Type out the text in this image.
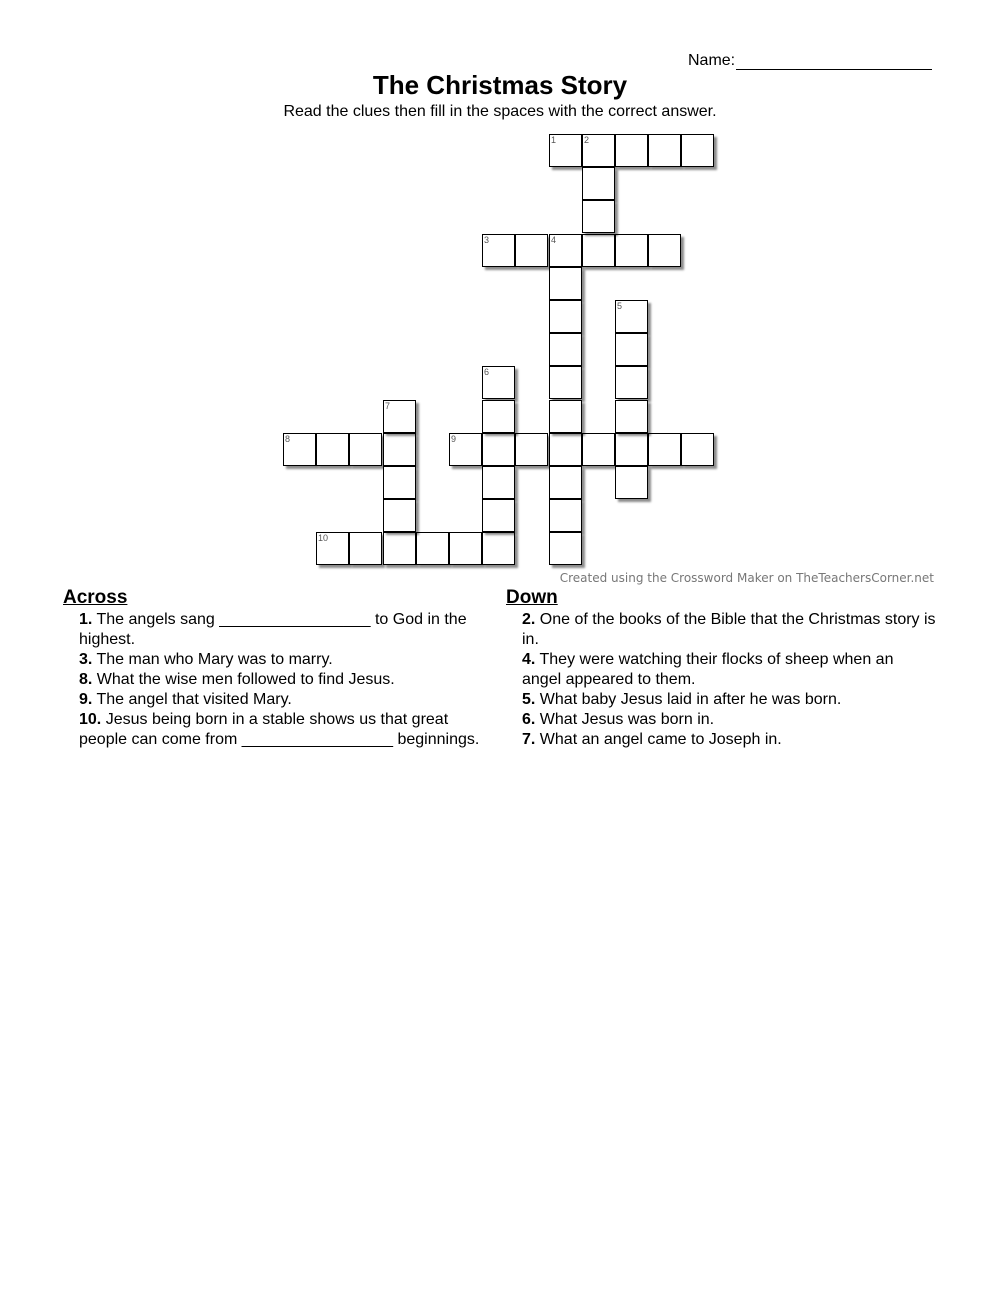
Name:
The Christmas Story
Read the clues then fill in the spaces with the correct answer.
1	2
3	4
8	9
10
5
6
7
Created using the Crossword Maker on TheTeachersCorner.net
Across
1. The angels sang _________________ to God in the highest.
3. The man who Mary was to marry.
8. What the wise men followed to find Jesus.
9. The angel that visited Mary.
10. Jesus being born in a stable shows us that great people can come from _________________ beginnings.
Down
2. One of the books of the Bible that the Christmas story is in.
4. They were watching their flocks of sheep when an angel appeared to them.
5. What baby Jesus laid in after he was born.
6. What Jesus was born in.
7. What an angel came to Joseph in.
